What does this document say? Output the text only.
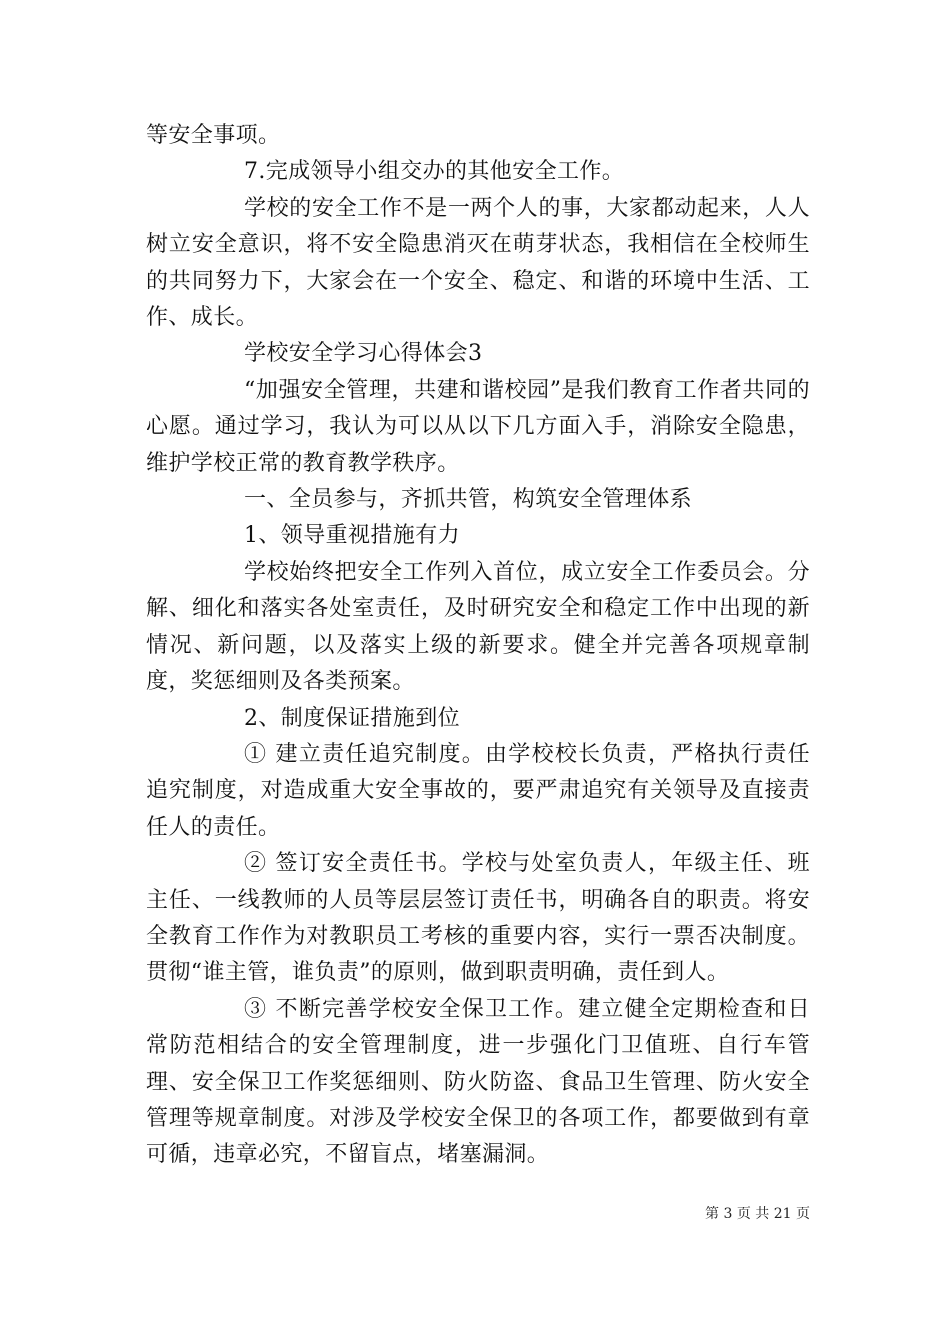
等安全事项。

7.完成领导小组交办的其他安全工作。

学校的安全工作不是一两个人的事，大家都动起来，人人树立安全意识，将不安全隐患消灭在萌芽状态，我相信在全校师生的共同努力下，大家会在一个安全、稳定、和谐的环境中生活、工作、成长。

学校安全学习心得体会3

“加强安全管理，共建和谐校园”是我们教育工作者共同的心愿。通过学习，我认为可以从以下几方面入手，消除安全隐患，维护学校正常的教育教学秩序。

一、全员参与，齐抓共管，构筑安全管理体系

1、领导重视措施有力

学校始终把安全工作列入首位，成立安全工作委员会。分解、细化和落实各处室责任，及时研究安全和稳定工作中出现的新情况、新问题，以及落实上级的新要求。健全并完善各项规章制度，奖惩细则及各类预案。

2、制度保证措施到位

① 建立责任追究制度。由学校校长负责，严格执行责任追究制度，对造成重大安全事故的，要严肃追究有关领导及直接责任人的责任。

② 签订安全责任书。学校与处室负责人，年级主任、班主任、一线教师的人员等层层签订责任书，明确各自的职责。将安全教育工作作为对教职员工考核的重要内容，实行一票否决制度。贯彻“谁主管，谁负责”的原则，做到职责明确，责任到人。

③ 不断完善学校安全保卫工作。建立健全定期检查和日常防范相结合的安全管理制度，进一步强化门卫值班、自行车管理、安全保卫工作奖惩细则、防火防盗、食品卫生管理、防火安全管理等规章制度。对涉及学校安全保卫的各项工作，都要做到有章可循，违章必究，不留盲点，堵塞漏洞。

第 3 页 共 21 页
